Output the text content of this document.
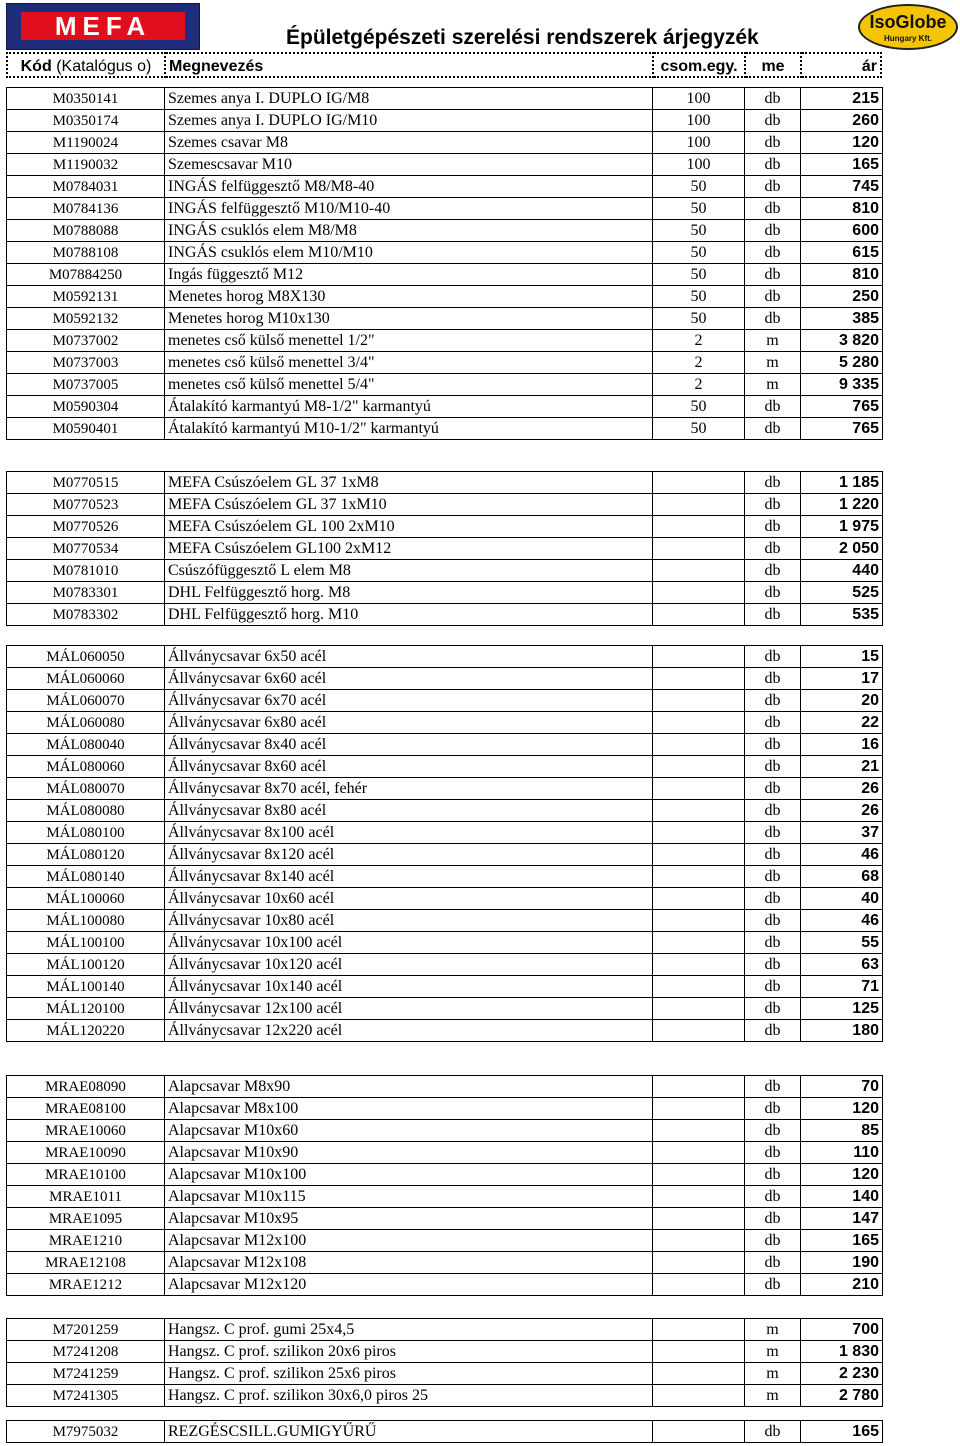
MEFA	Épületgépészeti szerelési rendszerek árjegyzék
IsoGlobe
Hungary Kft.
Kód (Katalógus o)	Megnevezés	csom.egy.	me	ár
M0350141	Szemes anya I. DUPLO IG/M8	100	db	215
M0350174	Szemes anya I. DUPLO IG/M10	100	db	260
M1190024	Szemes csavar M8	100	db	120
M1190032	Szemescsavar M10	100	db	165
M0784031	INGÁS felfüggesztő M8/M8-40	50	db	745
M0784136	INGÁS felfüggesztő M10/M10-40	50	db	810
M0788088	INGÁS csuklós elem M8/M8	50	db	600
M0788108	INGÁS csuklós elem M10/M10	50	db	615
M07884250	Ingás függesztő M12	50	db	810
M0592131	Menetes horog M8X130	50	db	250
M0592132	Menetes horog M10x130	50	db	385
M0737002	menetes cső külső menettel 1/2"	2	m	3 820
M0737003	menetes cső külső menettel 3/4"	2	m	5 280
M0737005	menetes cső külső menettel 5/4"	2	m	9 335
M0590304	Átalakító karmantyú M8-1/2" karmantyú	50	db	765
M0590401	Átalakító karmantyú M10-1/2" karmantyú	50	db	765
M0770515	MEFA Csúszóelem GL 37 1xM8		db	1 185
M0770523	MEFA Csúszóelem GL 37 1xM10		db	1 220
M0770526	MEFA Csúszóelem GL 100 2xM10		db	1 975
M0770534	MEFA Csúszóelem GL100 2xM12		db	2 050
M0781010	Csúszófüggesztő L elem M8		db	440
M0783301	DHL Felfüggesztő horg. M8		db	525
M0783302	DHL Felfüggesztő horg. M10		db	535
MÁL060050	Állványcsavar 6x50 acél		db	15
MÁL060060	Állványcsavar 6x60 acél		db	17
MÁL060070	Állványcsavar 6x70 acél		db	20
MÁL060080	Állványcsavar 6x80 acél		db	22
MÁL080040	Állványcsavar 8x40 acél		db	16
MÁL080060	Állványcsavar 8x60 acél		db	21
MÁL080070	Állványcsavar 8x70 acél, fehér		db	26
MÁL080080	Állványcsavar 8x80 acél		db	26
MÁL080100	Állványcsavar 8x100 acél		db	37
MÁL080120	Állványcsavar 8x120 acél		db	46
MÁL080140	Állványcsavar 8x140 acél		db	68
MÁL100060	Állványcsavar 10x60 acél		db	40
MÁL100080	Állványcsavar 10x80 acél		db	46
MÁL100100	Állványcsavar 10x100 acél		db	55
MÁL100120	Állványcsavar 10x120 acél		db	63
MÁL100140	Állványcsavar 10x140 acél		db	71
MÁL120100	Állványcsavar 12x100 acél		db	125
MÁL120220	Állványcsavar 12x220 acél		db	180
MRAE08090	Alapcsavar M8x90		db	70
MRAE08100	Alapcsavar M8x100		db	120
MRAE10060	Alapcsavar M10x60		db	85
MRAE10090	Alapcsavar M10x90		db	110
MRAE10100	Alapcsavar M10x100		db	120
MRAE1011	Alapcsavar M10x115		db	140
MRAE1095	Alapcsavar M10x95		db	147
MRAE1210	Alapcsavar M12x100		db	165
MRAE12108	Alapcsavar M12x108		db	190
MRAE1212	Alapcsavar M12x120		db	210
M7201259	Hangsz. C prof. gumi 25x4,5		m	700
M7241208	Hangsz. C prof. szilikon 20x6 piros		m	1 830
M7241259	Hangsz. C prof. szilikon 25x6 piros		m	2 230
M7241305	Hangsz. C prof. szilikon 30x6,0 piros 25		m	2 780
M7975032	REZGÉSCSILL.GUMIGYŰRŰ		db	165
